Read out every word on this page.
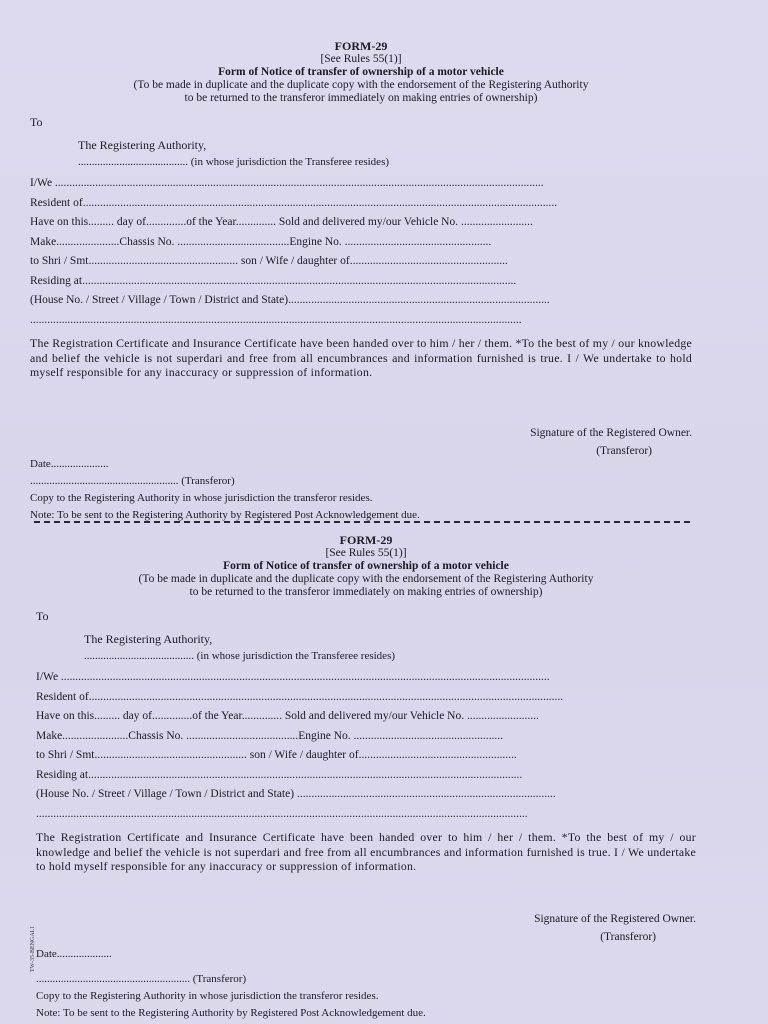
FORM-29
[See Rules 55(1)]
Form of Notice of transfer of ownership of a motor vehicle
(To be made in duplicate and the duplicate copy with the endorsement of the Registering Authority
to be returned to the transferor immediately on making entries of ownership)
To
The Registering Authority,
........................................ (in whose jurisdiction the Transferee resides)
I/We ..........................................................................................................................................................................
Resident of.....................................................................................................................................................................
Have on this......... day of..............of the Year.............. Sold and delivered my/our Vehicle No. .........................
Make......................Chassis No. .......................................Engine No. ...................................................
to Shri / Smt.................................................... son / Wife / daughter of.......................................................
Residing at.......................................................................................................................................................
(House No. / Street / Village / Town / District and State)...........................................................................................
...........................................................................................................................................................................
The Registration Certificate and Insurance Certificate have been handed over to him / her / them. *To the best of my / our knowledge and belief the vehicle is not superdari and free from all encumbrances and information furnished is true. I / We undertake to hold myself responsible for any inaccuracy or suppression of information.
Signature of the Registered Owner.
(Transferor)
Date.....................
...................................................... (Transferor)
Copy to the Registering Authority in whose jurisdiction the transferor resides.
Note: To be sent to the Registering Authority by Registered Post Acknowledgement due.
FORM-29
[See Rules 55(1)]
Form of Notice of transfer of ownership of a motor vehicle
(To be made in duplicate and the duplicate copy with the endorsement of the Registering Authority
to be returned to the transferor immediately on making entries of ownership)
To
The Registering Authority,
........................................ (in whose jurisdiction the Transferee resides)
I/We ..........................................................................................................................................................................
Resident of.....................................................................................................................................................................
Have on this......... day of..............of the Year.............. Sold and delivered my/our Vehicle No. .........................
Make.......................Chassis No. .......................................Engine No. ....................................................
to Shri / Smt..................................................... son / Wife / daughter of.......................................................
Residing at.......................................................................................................................................................
(House No. / Street / Village / Town / District and State) ..........................................................................................
...........................................................................................................................................................................
The Registration Certificate and Insurance Certificate have been handed over to him / her / them. *To the best of my / our knowledge and belief the vehicle is not superdari and free from all encumbrances and information furnished is true. I / We undertake to hold myself responsible for any inaccuracy or suppression of information.
Signature of the Registered Owner.
(Transferor)
Date....................
........................................................ (Transferor)
Copy to the Registering Authority in whose jurisdiction the transferor resides.
Note: To be sent to the Registering Authority by Registered Post Acknowledgement due.
TW-35-BENGALI
